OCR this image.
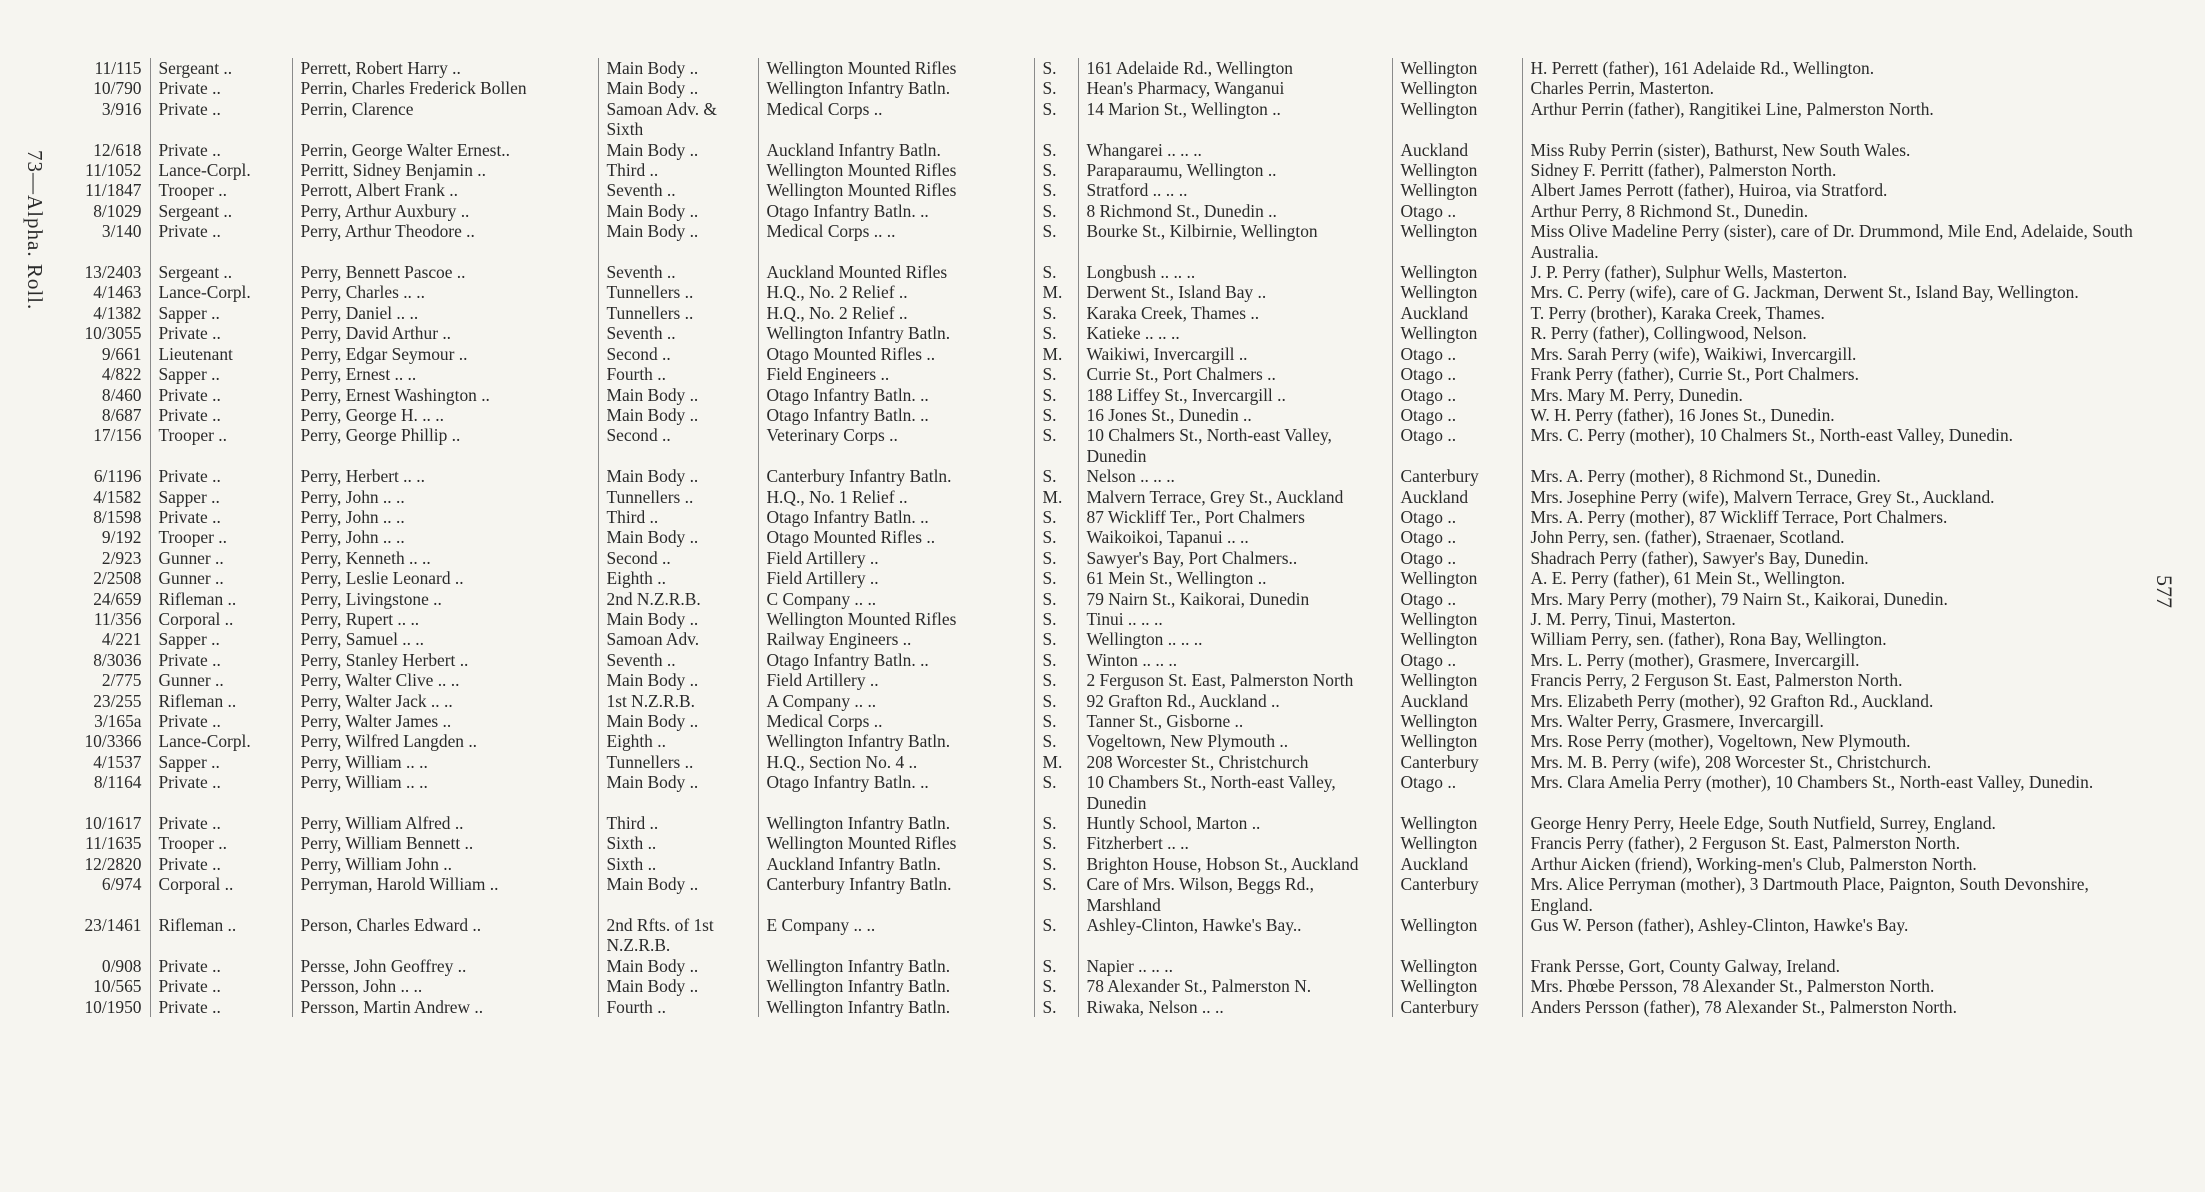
73—Alpha. Roll.
577
11/115	Sergeant ..	Perrett, Robert Harry ..	Main Body ..	Wellington Mounted Rifles	S.	161 Adelaide Rd., Wellington	Wellington	H. Perrett (father), 161 Adelaide Rd., Wellington.
10/790	Private ..	Perrin, Charles Frederick Bollen	Main Body ..	Wellington Infantry Batln.	S.	Hean's Pharmacy, Wanganui	Wellington	Charles Perrin, Masterton.
3/916	Private ..	Perrin, Clarence	Samoan Adv. & Sixth	Medical Corps ..	S.	14 Marion St., Wellington ..	Wellington	Arthur Perrin (father), Rangitikei Line, Palmerston North.
12/618	Private ..	Perrin, George Walter Ernest..	Main Body ..	Auckland Infantry Batln.	S.	Whangarei .. .. ..	Auckland	Miss Ruby Perrin (sister), Bathurst, New South Wales.
11/1052	Lance-Corpl.	Perritt, Sidney Benjamin ..	Third ..	Wellington Mounted Rifles	S.	Paraparaumu, Wellington ..	Wellington	Sidney F. Perritt (father), Palmerston North.
11/1847	Trooper ..	Perrott, Albert Frank ..	Seventh ..	Wellington Mounted Rifles	S.	Stratford .. .. ..	Wellington	Albert James Perrott (father), Huiroa, via Stratford.
8/1029	Sergeant ..	Perry, Arthur Auxbury ..	Main Body ..	Otago Infantry Batln. ..	S.	8 Richmond St., Dunedin ..	Otago ..	Arthur Perry, 8 Richmond St., Dunedin.
3/140	Private ..	Perry, Arthur Theodore ..	Main Body ..	Medical Corps .. ..	S.	Bourke St., Kilbirnie, Wellington	Wellington	Miss Olive Madeline Perry (sister), care of Dr. Drummond, Mile End, Adelaide, South Australia.
13/2403	Sergeant ..	Perry, Bennett Pascoe ..	Seventh ..	Auckland Mounted Rifles	S.	Longbush .. .. ..	Wellington	J. P. Perry (father), Sulphur Wells, Masterton.
4/1463	Lance-Corpl.	Perry, Charles .. ..	Tunnellers ..	H.Q., No. 2 Relief ..	M.	Derwent St., Island Bay ..	Wellington	Mrs. C. Perry (wife), care of G. Jackman, Derwent St., Island Bay, Wellington.
4/1382	Sapper ..	Perry, Daniel .. ..	Tunnellers ..	H.Q., No. 2 Relief ..	S.	Karaka Creek, Thames ..	Auckland	T. Perry (brother), Karaka Creek, Thames.
10/3055	Private ..	Perry, David Arthur ..	Seventh ..	Wellington Infantry Batln.	S.	Katieke .. .. ..	Wellington	R. Perry (father), Collingwood, Nelson.
9/661	Lieutenant	Perry, Edgar Seymour ..	Second ..	Otago Mounted Rifles ..	M.	Waikiwi, Invercargill ..	Otago ..	Mrs. Sarah Perry (wife), Waikiwi, Invercargill.
4/822	Sapper ..	Perry, Ernest .. ..	Fourth ..	Field Engineers ..	S.	Currie St., Port Chalmers ..	Otago ..	Frank Perry (father), Currie St., Port Chalmers.
8/460	Private ..	Perry, Ernest Washington ..	Main Body ..	Otago Infantry Batln. ..	S.	188 Liffey St., Invercargill ..	Otago ..	Mrs. Mary M. Perry, Dunedin.
8/687	Private ..	Perry, George H. .. ..	Main Body ..	Otago Infantry Batln. ..	S.	16 Jones St., Dunedin ..	Otago ..	W. H. Perry (father), 16 Jones St., Dunedin.
17/156	Trooper ..	Perry, George Phillip ..	Second ..	Veterinary Corps ..	S.	10 Chalmers St., North-east Valley, Dunedin	Otago ..	Mrs. C. Perry (mother), 10 Chalmers St., North-east Valley, Dunedin.
6/1196	Private ..	Perry, Herbert .. ..	Main Body ..	Canterbury Infantry Batln.	S.	Nelson .. .. ..	Canterbury	Mrs. A. Perry (mother), 8 Richmond St., Dunedin.
4/1582	Sapper ..	Perry, John .. ..	Tunnellers ..	H.Q., No. 1 Relief ..	M.	Malvern Terrace, Grey St., Auckland	Auckland	Mrs. Josephine Perry (wife), Malvern Terrace, Grey St., Auckland.
8/1598	Private ..	Perry, John .. ..	Third ..	Otago Infantry Batln. ..	S.	87 Wickliff Ter., Port Chalmers	Otago ..	Mrs. A. Perry (mother), 87 Wickliff Terrace, Port Chalmers.
9/192	Trooper ..	Perry, John .. ..	Main Body ..	Otago Mounted Rifles ..	S.	Waikoikoi, Tapanui .. ..	Otago ..	John Perry, sen. (father), Straenaer, Scotland.
2/923	Gunner ..	Perry, Kenneth .. ..	Second ..	Field Artillery ..	S.	Sawyer's Bay, Port Chalmers..	Otago ..	Shadrach Perry (father), Sawyer's Bay, Dunedin.
2/2508	Gunner ..	Perry, Leslie Leonard ..	Eighth ..	Field Artillery ..	S.	61 Mein St., Wellington ..	Wellington	A. E. Perry (father), 61 Mein St., Wellington.
24/659	Rifleman ..	Perry, Livingstone ..	2nd N.Z.R.B.	C Company .. ..	S.	79 Nairn St., Kaikorai, Dunedin	Otago ..	Mrs. Mary Perry (mother), 79 Nairn St., Kaikorai, Dunedin.
11/356	Corporal ..	Perry, Rupert .. ..	Main Body ..	Wellington Mounted Rifles	S.	Tinui .. .. ..	Wellington	J. M. Perry, Tinui, Masterton.
4/221	Sapper ..	Perry, Samuel .. ..	Samoan Adv.	Railway Engineers ..	S.	Wellington .. .. ..	Wellington	William Perry, sen. (father), Rona Bay, Wellington.
8/3036	Private ..	Perry, Stanley Herbert ..	Seventh ..	Otago Infantry Batln. ..	S.	Winton .. .. ..	Otago ..	Mrs. L. Perry (mother), Grasmere, Invercargill.
2/775	Gunner ..	Perry, Walter Clive .. ..	Main Body ..	Field Artillery ..	S.	2 Ferguson St. East, Palmerston North	Wellington	Francis Perry, 2 Ferguson St. East, Palmerston North.
23/255	Rifleman ..	Perry, Walter Jack .. ..	1st N.Z.R.B.	A Company .. ..	S.	92 Grafton Rd., Auckland ..	Auckland	Mrs. Elizabeth Perry (mother), 92 Grafton Rd., Auckland.
3/165a	Private ..	Perry, Walter James ..	Main Body ..	Medical Corps ..	S.	Tanner St., Gisborne ..	Wellington	Mrs. Walter Perry, Grasmere, Invercargill.
10/3366	Lance-Corpl.	Perry, Wilfred Langden ..	Eighth ..	Wellington Infantry Batln.	S.	Vogeltown, New Plymouth ..	Wellington	Mrs. Rose Perry (mother), Vogeltown, New Plymouth.
4/1537	Sapper ..	Perry, William .. ..	Tunnellers ..	H.Q., Section No. 4 ..	M.	208 Worcester St., Christchurch	Canterbury	Mrs. M. B. Perry (wife), 208 Worcester St., Christchurch.
8/1164	Private ..	Perry, William .. ..	Main Body ..	Otago Infantry Batln. ..	S.	10 Chambers St., North-east Valley, Dunedin	Otago ..	Mrs. Clara Amelia Perry (mother), 10 Chambers St., North-east Valley, Dunedin.
10/1617	Private ..	Perry, William Alfred ..	Third ..	Wellington Infantry Batln.	S.	Huntly School, Marton ..	Wellington	George Henry Perry, Heele Edge, South Nutfield, Surrey, England.
11/1635	Trooper ..	Perry, William Bennett ..	Sixth ..	Wellington Mounted Rifles	S.	Fitzherbert .. ..	Wellington	Francis Perry (father), 2 Ferguson St. East, Palmerston North.
12/2820	Private ..	Perry, William John ..	Sixth ..	Auckland Infantry Batln.	S.	Brighton House, Hobson St., Auckland	Auckland	Arthur Aicken (friend), Working-men's Club, Palmerston North.
6/974	Corporal ..	Perryman, Harold William ..	Main Body ..	Canterbury Infantry Batln.	S.	Care of Mrs. Wilson, Beggs Rd., Marshland	Canterbury	Mrs. Alice Perryman (mother), 3 Dartmouth Place, Paignton, South Devonshire, England.
23/1461	Rifleman ..	Person, Charles Edward ..	2nd Rfts. of 1st N.Z.R.B.	E Company .. ..	S.	Ashley-Clinton, Hawke's Bay..	Wellington	Gus W. Person (father), Ashley-Clinton, Hawke's Bay.
0/908	Private ..	Persse, John Geoffrey ..	Main Body ..	Wellington Infantry Batln.	S.	Napier .. .. ..	Wellington	Frank Persse, Gort, County Galway, Ireland.
10/565	Private ..	Persson, John .. ..	Main Body ..	Wellington Infantry Batln.	S.	78 Alexander St., Palmerston N.	Wellington	Mrs. Phœbe Persson, 78 Alexander St., Palmerston North.
10/1950	Private ..	Persson, Martin Andrew ..	Fourth ..	Wellington Infantry Batln.	S.	Riwaka, Nelson .. ..	Canterbury	Anders Persson (father), 78 Alexander St., Palmerston North.
